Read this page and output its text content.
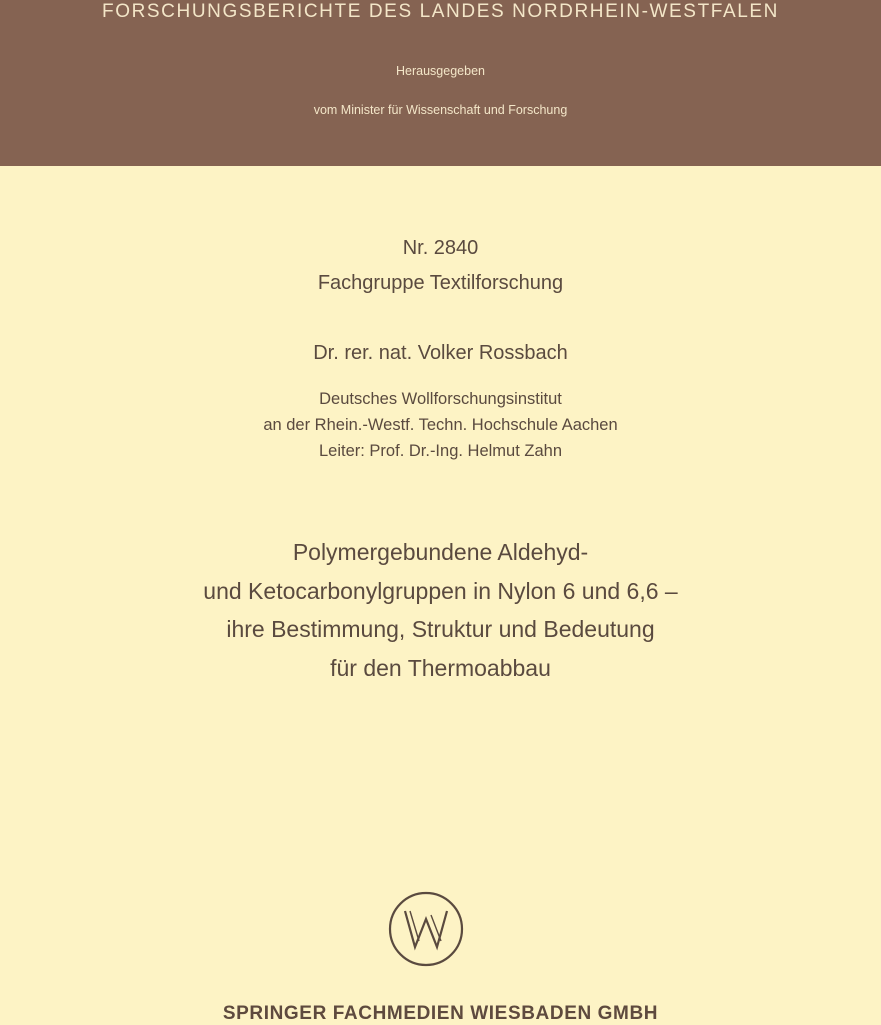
FORSCHUNGSBERICHTE DES LANDES NORDRHEIN-WESTFALEN
Herausgegeben
vom Minister für Wissenschaft und Forschung
Nr. 2840
Fachgruppe Textilforschung
Dr. rer. nat. Volker Rossbach
Deutsches Wollforschungsinstitut
an der Rhein.-Westf. Techn. Hochschule Aachen
Leiter: Prof. Dr.-Ing. Helmut Zahn
Polymergebundene Aldehyd-
und Ketocarbonylgruppen in Nylon 6 und 6,6 –
ihre Bestimmung, Struktur und Bedeutung
für den Thermoabbau
SPRINGER FACHMEDIEN WIESBADEN GMBH
